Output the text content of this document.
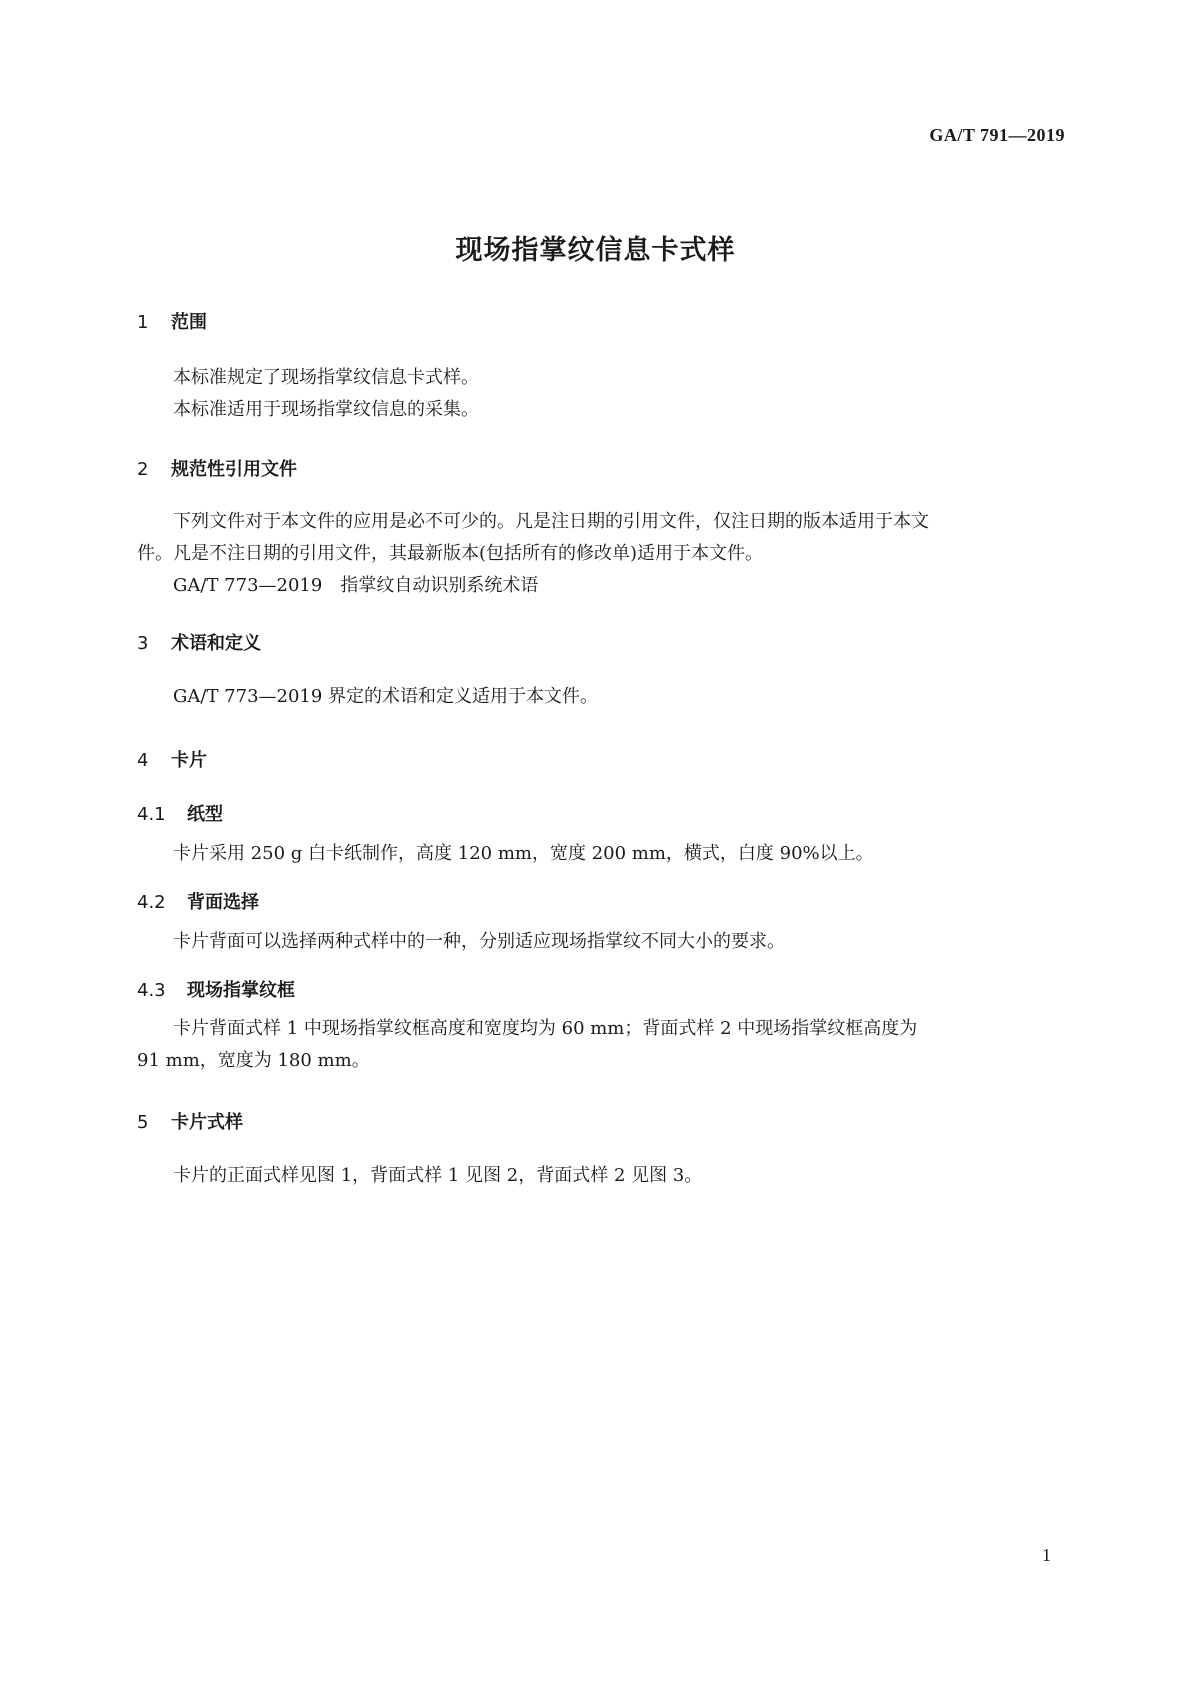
GA/T 791—2019
现场指掌纹信息卡式样
1 范围
本标准规定了现场指掌纹信息卡式样。
本标准适用于现场指掌纹信息的采集。
2 规范性引用文件
下列文件对于本文件的应用是必不可少的。凡是注日期的引用文件，仅注日期的版本适用于本文
件。凡是不注日期的引用文件，其最新版本(包括所有的修改单)适用于本文件。
GA/T 773—2019　指掌纹自动识别系统术语
3 术语和定义
GA/T 773—2019 界定的术语和定义适用于本文件。
4 卡片
4.1 纸型
卡片采用 250 g 白卡纸制作，高度 120 mm，宽度 200 mm，横式，白度 90%以上。
4.2 背面选择
卡片背面可以选择两种式样中的一种，分别适应现场指掌纹不同大小的要求。
4.3 现场指掌纹框
卡片背面式样 1 中现场指掌纹框高度和宽度均为 60 mm；背面式样 2 中现场指掌纹框高度为
91 mm，宽度为 180 mm。
5 卡片式样
卡片的正面式样见图 1，背面式样 1 见图 2，背面式样 2 见图 3。
1
